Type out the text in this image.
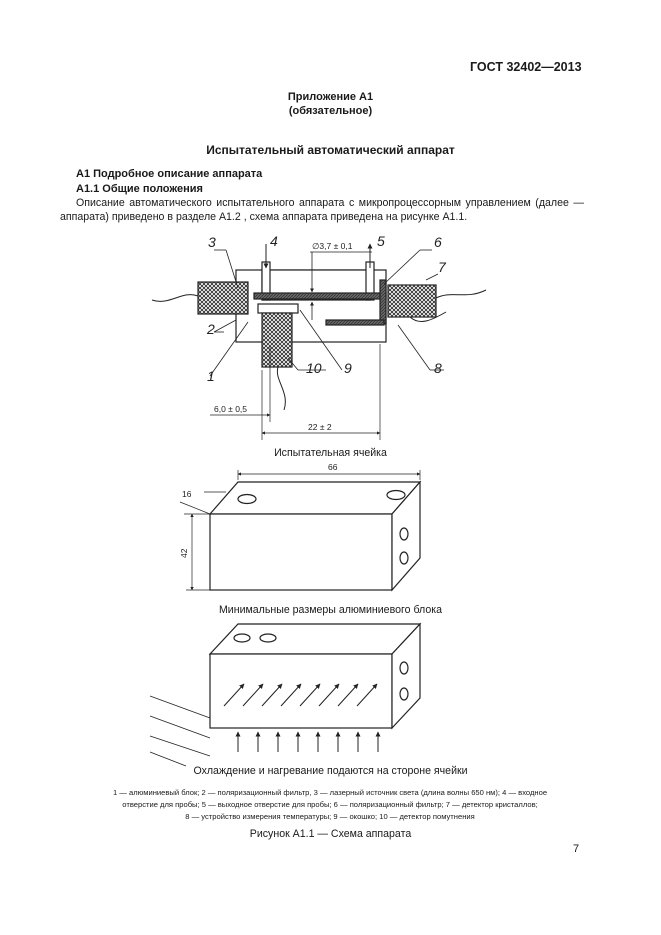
ГОСТ 32402—2013
Приложение А1
(обязательное)
Испытательный автоматический аппарат
А1 Подробное описание аппарата
А1.1 Общие положения
Описание автоматического испытательного аппарата с микропроцессорным управлением (далее — аппарата) приведено в разделе А1.2 , схема аппарата приведена на рисунке А1.1.
3	4	5	6
7
2
1	10 9	8
∅3,7 ± 0,1
6,0 ± 0,5
22 ± 2
66
16
42
Испытательная ячейка
Минимальные размеры алюминиевого блока
Охлаждение и нагревание подаются на стороне ячейки
1 — алюминиевый блок; 2 — поляризационный фильтр, 3 — лазерный источник света (длина волны 650 нм); 4 — входное
отверстие для пробы; 5 — выходное отверстие для пробы; 6 — поляризационный фильтр; 7 — детектор кристаллов;
8 — устройство измерения температуры; 9 — окошко; 10 — детектор помутнения
Рисунок А1.1 — Схема аппарата
7
